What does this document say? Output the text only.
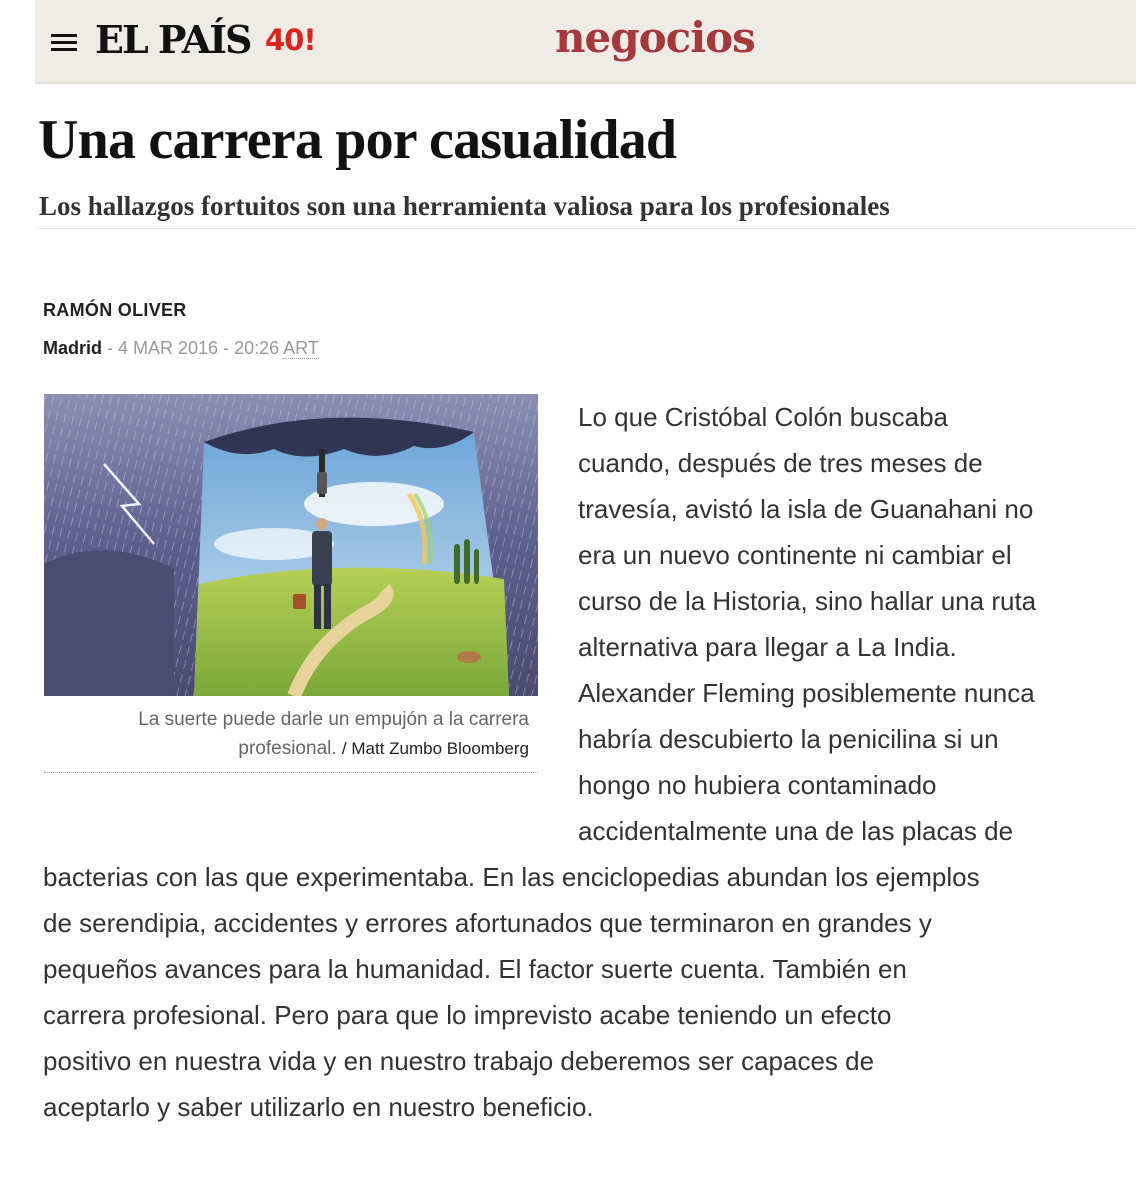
EL PAÍS 40!	negocios
Una carrera por casualidad
Los hallazgos fortuitos son una herramienta valiosa para los profesionales
RAMÓN OLIVER
Madrid - 4 MAR 2016 - 20:26 ART
La suerte puede darle un empujón a la carrera profesional. / Matt Zumbo Bloomberg
Lo que Cristóbal Colón buscaba
cuando, después de tres meses de
travesía, avistó la isla de Guanahani no
era un nuevo continente ni cambiar el
curso de la Historia, sino hallar una ruta
alternativa para llegar a La India.
Alexander Fleming posiblemente nunca
habría descubierto la penicilina si un
hongo no hubiera contaminado
accidentalmente una de las placas de
bacterias con las que experimentaba. En las enciclopedias abundan los ejemplos
de serendipia, accidentes y errores afortunados que terminaron en grandes y
pequeños avances para la humanidad. El factor suerte cuenta. También en
carrera profesional. Pero para que lo imprevisto acabe teniendo un efecto
positivo en nuestra vida y en nuestro trabajo deberemos ser capaces de
aceptarlo y saber utilizarlo en nuestro beneficio.
